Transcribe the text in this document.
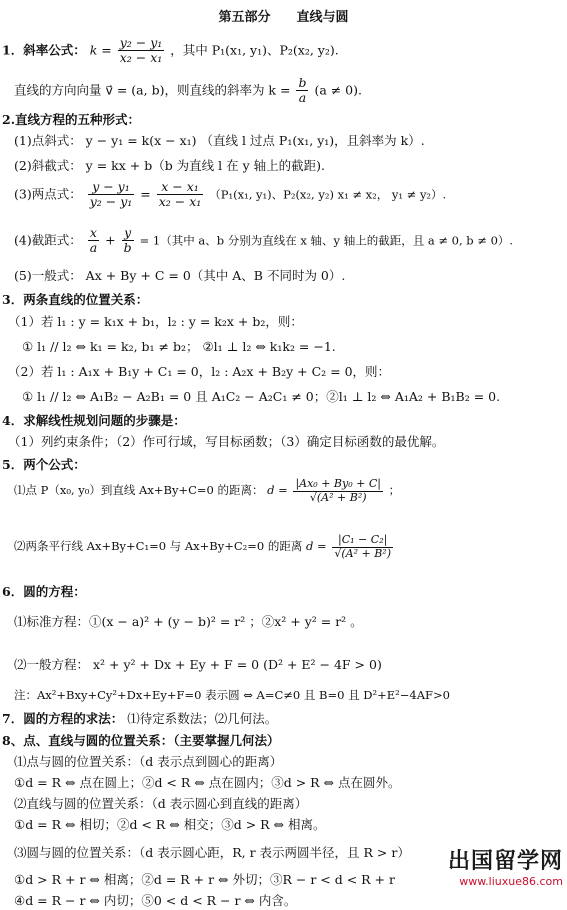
第五部分　　直线与圆
1．斜率公式： $k = \frac{\text{y₂ − y₁}}{\text{x₂ − x₁}}$ ，其中 P₁(x₁, y₁)、P₂(x₂, y₂).
直线的方向向量 v⃗ = (a, b)，则直线的斜率为 $k = \frac{b}{a} (a \ne 0)$.
2.直线方程的五种形式：
(1)点斜式： y − y₁ = k(x − x₁) （直线 l 过点 P₁(x₁, y₁)，且斜率为 k）.
(2)斜截式： y = kx + b（b 为直线 l 在 y 轴上的截距).
(3)两点式： $\frac{\text{y − y₁}}{\text{y₂ − y₁}} = \frac{\text{x − x₁}}{\text{x₂ − x₁}} (P_1(x_1$, y₁)、P₂(x₂, y₂) x₁ ≠ x₂， y₁ ≠ y₂）.
(4)截距式： $\frac{x}{a} + \frac{y}{b} = 1$（其中 a、b 分别为直线在 x 轴、y 轴上的截距，且 a ≠ 0, b ≠ 0）.
(5)一般式： Ax + By + C = 0（其中 A、B 不同时为 0）.
3．两条直线的位置关系：
（1）若 l₁ : y = k₁x + b₁，l₂ : y = k₂x + b₂，则：
① l₁ // l₂ ⇔ k₁ = k₂, b₁ ≠ b₂； ②l₁ ⊥ l₂ ⇔ k₁k₂ = −1.
（2）若 l₁ : A₁x + B₁y + C₁ = 0，l₂ : A₂x + B₂y + C₂ = 0，则：
① l₁ // l₂ ⇔ A₁B₂ − A₂B₁ = 0 且 A₁C₂ − A₂C₁ ≠ 0；②l₁ ⊥ l₂ ⇔ A₁A₂ + B₁B₂ = 0.
4．求解线性规划问题的步骤是：
（1）列约束条件；（2）作可行域，写目标函数；（3）确定目标函数的最优解。
5．两个公式：
⑴点 P（x₀, y₀）到直线 Ax+By+C=0 的距离： $d = \frac{\text{|Ax₀ + By₀ + C|}}{\text{√(A² + B²)}}$ ；
⑵两条平行线 Ax+By+C₁=0 与 Ax+By+C₂=0 的距离 $d = \frac{\text{|C₁ − C₂|}}{\text{√(A² + B²)}}$
6．圆的方程：
⑴标准方程：①(x − a)² + (y − b)² = r² ；②x² + y² = r² 。
⑵一般方程： x² + y² + Dx + Ey + F = 0 (D² + E² − 4F > 0)
注：Ax²+Bxy+Cy²+Dx+Ey+F=0 表示圆 ⇔ A=C≠0 且 B=0 且 D²+E²−4AF>0
7．圆的方程的求法： ⑴待定系数法；⑵几何法。
8、点、直线与圆的位置关系：（主要掌握几何法）
⑴点与圆的位置关系：（d 表示点到圆心的距离）
①d = R ⇔ 点在圆上；②d < R ⇔ 点在圆内；③d > R ⇔ 点在圆外。
⑵直线与圆的位置关系：（d 表示圆心到直线的距离）
①d = R ⇔ 相切；②d < R ⇔ 相交；③d > R ⇔ 相离。
⑶圆与圆的位置关系：（d 表示圆心距，R, r 表示两圆半径，且 R > r）
①d > R + r ⇔ 相离；②d = R + r ⇔ 外切；③R − r < d < R + r
④d = R − r ⇔ 内切；⑤0 < d < R − r ⇔ 内含。
出国留学网
www.liuxue86.com
